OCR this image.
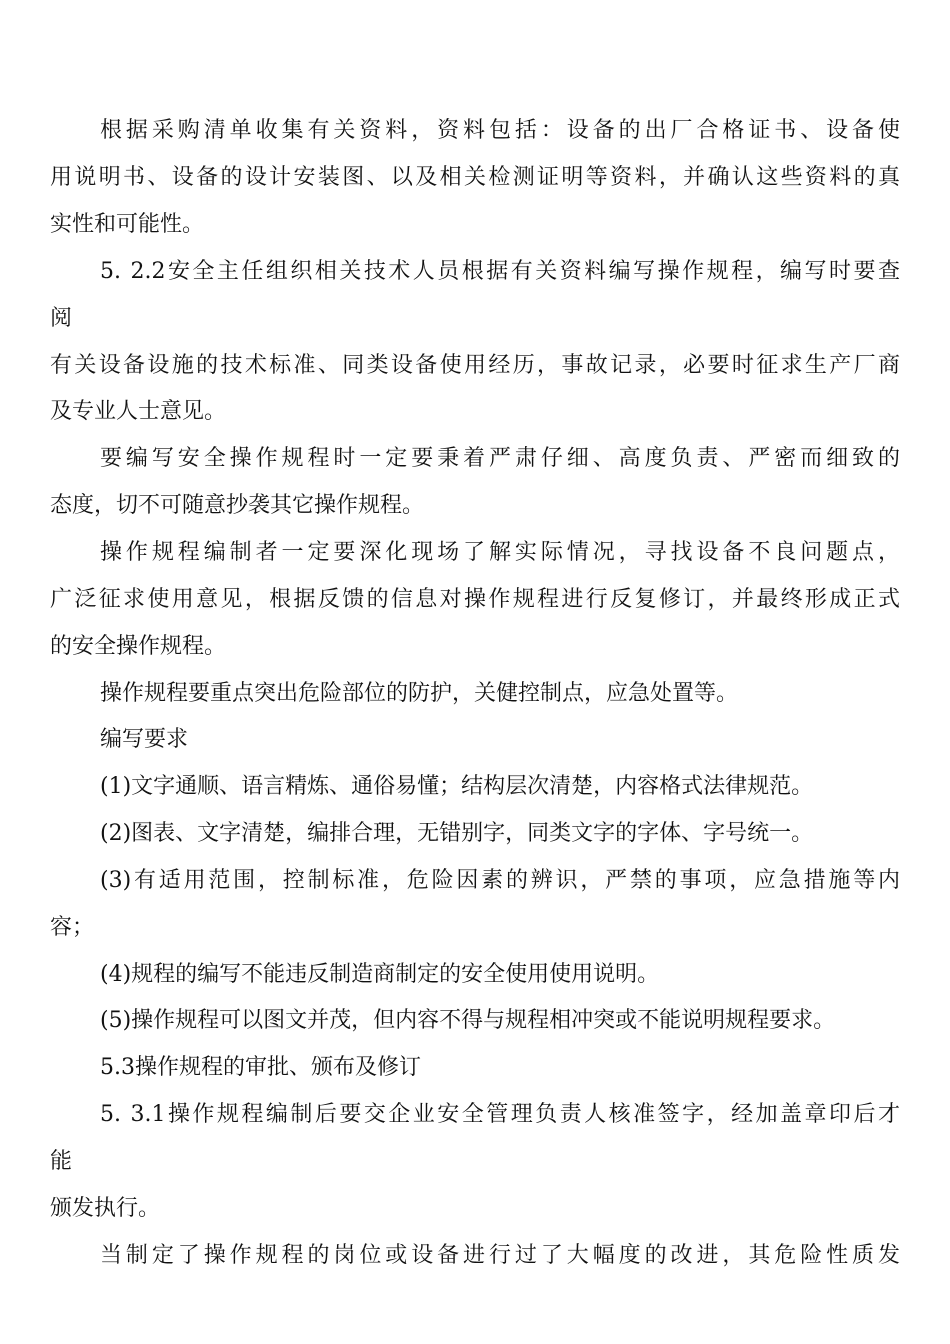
根据采购清单收集有关资料，资料包括：设备的出厂合格证书、设备使
用说明书、设备的设计安装图、以及相关检测证明等资料，并确认这些资料的真
实性和可能性。
5. 2.2安全主任组织相关技术人员根据有关资料编写操作规程，编写时要查
阅
有关设备设施的技术标准、同类设备使用经历，事故记录，必要时征求生产厂商
及专业人士意见。
要编写安全操作规程时一定要秉着严肃仔细、高度负责、严密而细致的
态度，切不可随意抄袭其它操作规程。
操作规程编制者一定要深化现场了解实际情况，寻找设备不良问题点，
广泛征求使用意见，根据反馈的信息对操作规程进行反复修订，并最终形成正式
的安全操作规程。
操作规程要重点突出危险部位的防护，关健控制点，应急处置等。
编写要求
(1)文字通顺、语言精炼、通俗易懂；结构层次清楚，内容格式法律规范。
(2)图表、文字清楚，编排合理，无错别字，同类文字的字体、字号统一。
(3)有适用范围，控制标准，危险因素的辨识，严禁的事项，应急措施等内
容；
(4)规程的编写不能违反制造商制定的安全使用使用说明。
(5)操作规程可以图文并茂，但内容不得与规程相冲突或不能说明规程要求。
5.3操作规程的审批、颁布及修订
5. 3.1操作规程编制后要交企业安全管理负责人核准签字，经加盖章印后才
能
颁发执行。
当制定了操作规程的岗位或设备进行过了大幅度的改进，其危险性质发
